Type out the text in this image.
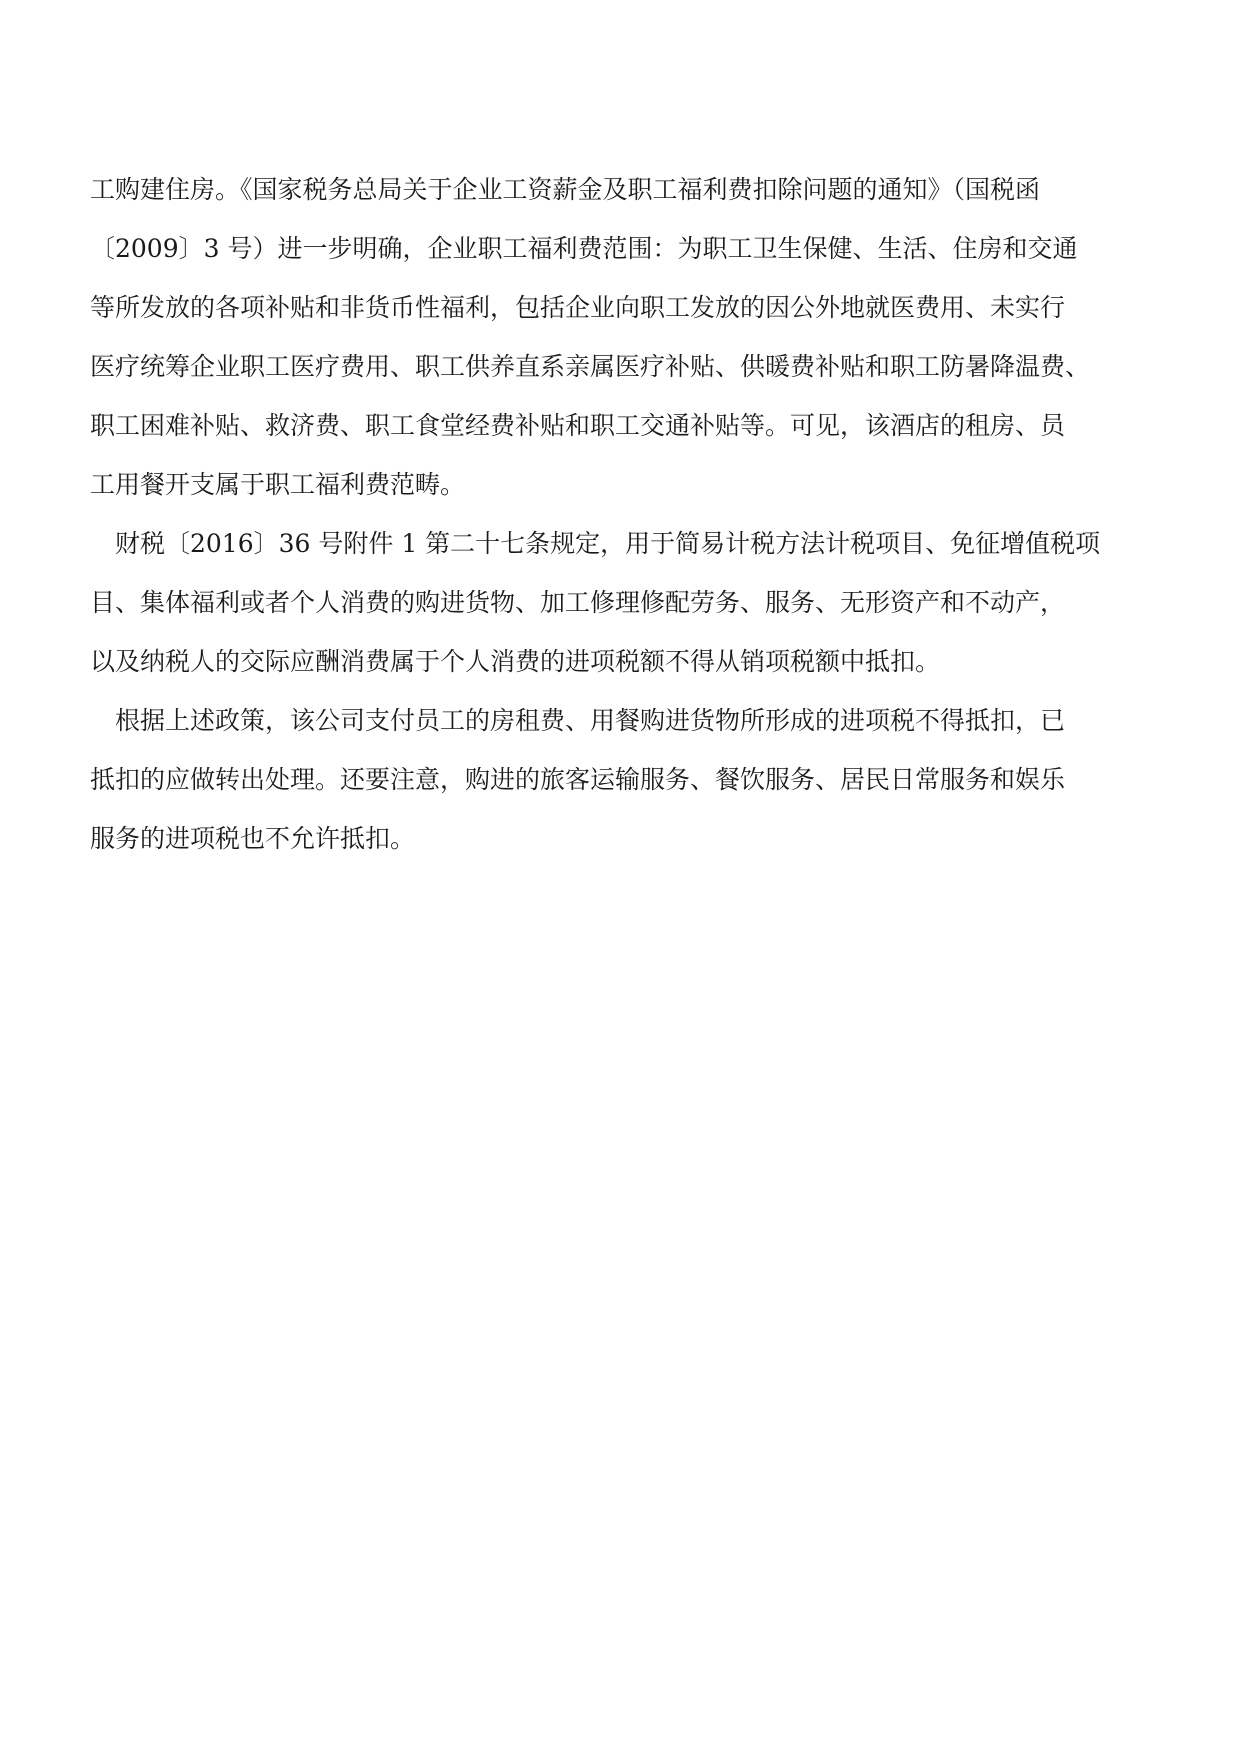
工购建住房。《国家税务总局关于企业工资薪金及职工福利费扣除问题的通知》（国税函

〔2009〕3 号）进一步明确，企业职工福利费范围：为职工卫生保健、生活、住房和交通

等所发放的各项补贴和非货币性福利，包括企业向职工发放的因公外地就医费用、未实行

医疗统筹企业职工医疗费用、职工供养直系亲属医疗补贴、供暖费补贴和职工防暑降温费、

职工困难补贴、救济费、职工食堂经费补贴和职工交通补贴等。可见，该酒店的租房、员

工用餐开支属于职工福利费范畴。

　财税〔2016〕36 号附件 1 第二十七条规定，用于简易计税方法计税项目、免征增值税项

目、集体福利或者个人消费的购进货物、加工修理修配劳务、服务、无形资产和不动产，

以及纳税人的交际应酬消费属于个人消费的进项税额不得从销项税额中抵扣。

　根据上述政策，该公司支付员工的房租费、用餐购进货物所形成的进项税不得抵扣，已

抵扣的应做转出处理。还要注意，购进的旅客运输服务、餐饮服务、居民日常服务和娱乐

服务的进项税也不允许抵扣。
